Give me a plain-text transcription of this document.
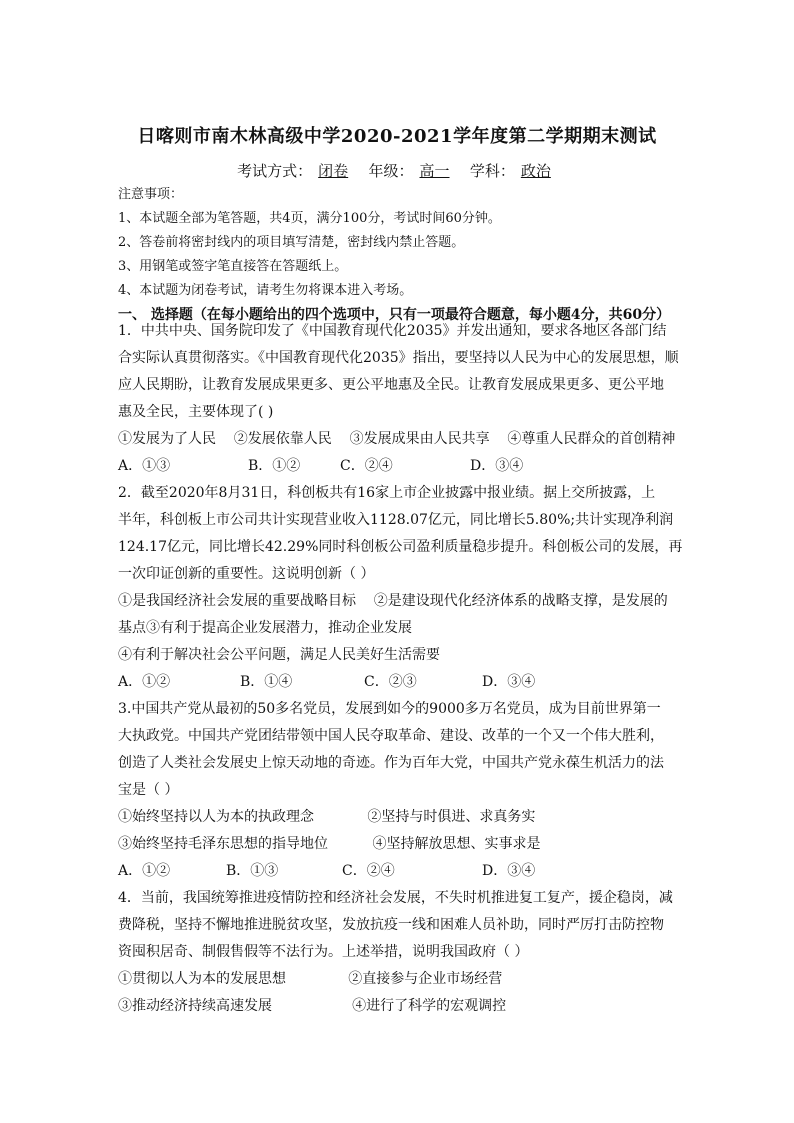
日喀则市南木林高级中学2020-2021学年度第二学期期末测试
考试方式： 闭卷 年级： 高一 学科： 政治
注意事项：
1、本试题全部为笔答题，共4页，满分100分，考试时间60分钟。
2、答卷前将密封线内的项目填写清楚，密封线内禁止答题。
3、用钢笔或签字笔直接答在答题纸上。
4、本试题为闭卷考试，请考生勿将课本进入考场。
一、 选择题（在每小题给出的四个选项中，只有一项最符合题意，每小题4分，共60分）
1．中共中央、国务院印发了《中国教育现代化2035》并发出通知，要求各地区各部门结
合实际认真贯彻落实。《中国教育现代化2035》指出，要坚持以人民为中心的发展思想，顺
应人民期盼，让教育发展成果更多、更公平地惠及全民。让教育发展成果更多、更公平地
惠及全民，主要体现了( )
①发展为了人民    ②发展依靠人民    ③发展成果由人民共享    ④尊重人民群众的首创精神
A．①③	B．①②	C．②④	D．③④
2．截至2020年8月31日，科创板共有16家上市企业披露中报业绩。据上交所披露，上
半年，科创板上市公司共计实现营业收入1128.07亿元，同比增长5.80%;共计实现净利润
124.17亿元，同比增长42.29%同时科创板公司盈利质量稳步提升。科创板公司的发展，再
一次印证创新的重要性。这说明创新（ ）
①是我国经济社会发展的重要战略目标    ②是建设现代化经济体系的战略支撑，是发展的
基点③有利于提高企业发展潜力，推动企业发展
④有利于解决社会公平问题，满足人民美好生活需要
A．①②	B．①④	C．②③	D．③④
3.中国共产党从最初的50多名党员，发展到如今的9000多万名党员，成为目前世界第一
大执政党。中国共产党团结带领中国人民夺取革命、建设、改革的一个又一个伟大胜利，
创造了人类社会发展史上惊天动地的奇迹。作为百年大党，中国共产党永葆生机活力的法
宝是（ ）
①始终坚持以人为本的执政理念            ②坚持与时俱进、求真务实
③始终坚持毛泽东思想的指导地位          ④坚持解放思想、实事求是
A．①②	B．①③	C．②④	D．③④
4．当前，我国统筹推进疫情防控和经济社会发展，不失时机推进复工复产，援企稳岗，减
费降税，坚持不懈地推进脱贫攻坚，发放抗疫一线和困难人员补助，同时严厉打击防控物
资囤积居奇、制假售假等不法行为。上述举措，说明我国政府（ ）
①贯彻以人为本的发展思想              ②直接参与企业市场经营
③推动经济持续高速发展                  ④进行了科学的宏观调控
